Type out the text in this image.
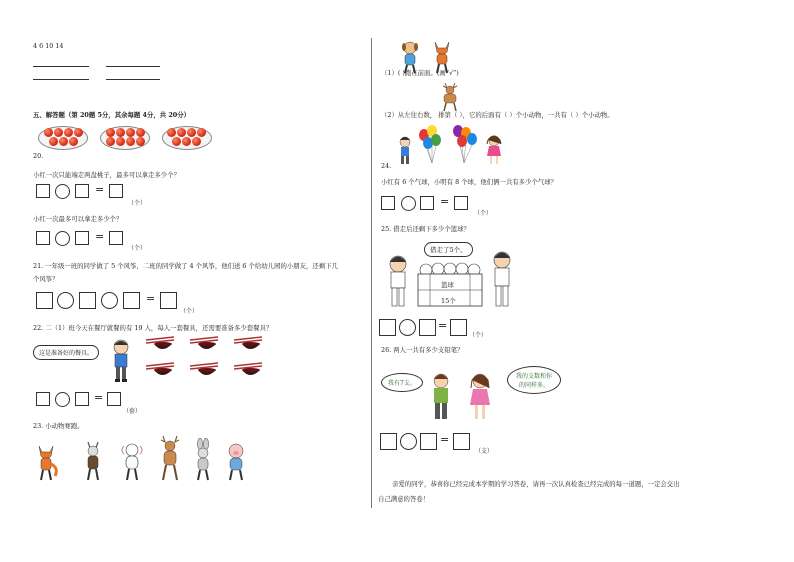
4 6 10 14
五、解答题（第 20题 5分，其余每题 4分，共 20分）
20.
小红一次只能端走两盘桃子，最多可以拿走多少个？
=
（个）
小红一次最多可以拿走多少个？
=
（个）
21. 一年级一班的同学做了 5 个风筝，二班的同学做了 4 个风筝，他们送 6 个给幼儿园的小朋友，还剩下几
个风筝？
=
（个）
22. 二（1）班今天在餐厅就餐的有 19 人，每人一套餐具，还需要准备多少套餐具？
这是准备好的餐具。
=
（套）
23. 小动物赛跑。
（1）( )跑在前面。(画“√”)
（2）从左往右数， 排第（ ），它的后面有（ ）个小动物，一共有（ ）个小动物。
24.
小红有 6 个气球，小明有 8 个球，他们俩一共有多少个气球？
=
（个）
25. 借走后还剩下多少个篮球？
借走了5个。
篮球
15个
=
（个）
26. 两人一共有多少支铅笔？
我有7支。
我的支数和你的同样多。
=
（支）
亲爱的同学，恭喜你已经完成本学期的学习答卷，请再一次认真检查已经完成的每一道题，一定会交出
自己满意的答卷！
